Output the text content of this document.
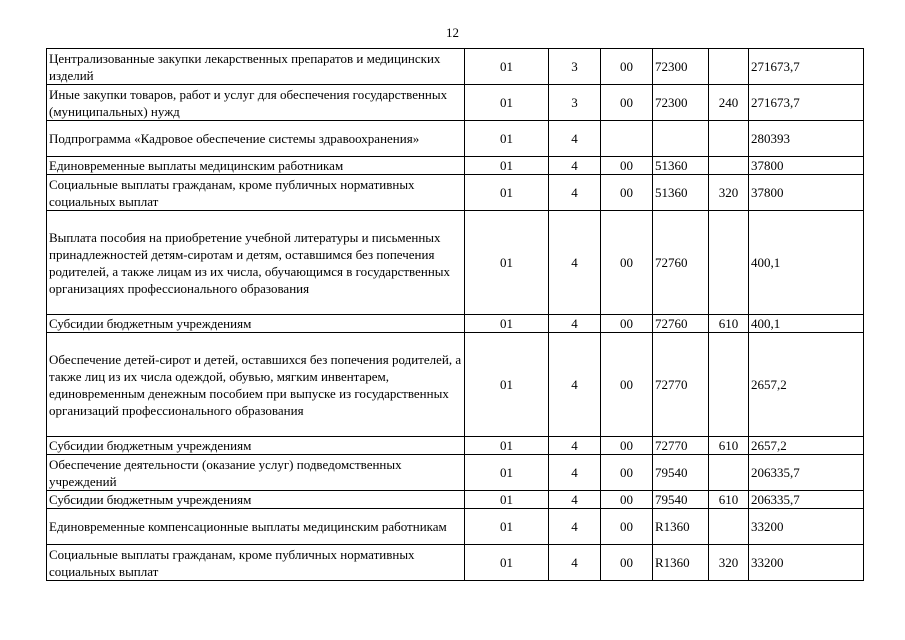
12
Централизованные закупки лекарственных препаратов и медицинских изделий	01	3	00	72300		271673,7
Иные закупки товаров, работ и услуг для обеспечения государственных (муниципальных) нужд	01	3	00	72300	240	271673,7
Подпрограмма «Кадровое обеспечение системы здравоохранения»	01	4				280393
Единовременные выплаты медицинским работникам	01	4	00	51360		37800
Социальные выплаты гражданам, кроме публичных нормативных социальных выплат	01	4	00	51360	320	37800
Выплата пособия на приобретение учебной литературы и письменных принадлежностей детям-сиротам и детям, оставшимся без попечения родителей, а также лицам из их числа, обучающимся в государственных организациях профессионального образования	01	4	00	72760		400,1
Субсидии бюджетным учреждениям	01	4	00	72760	610	400,1
Обеспечение детей-сирот и детей, оставшихся без попечения родителей, а также лиц из их числа одеждой, обувью, мягким инвентарем, единовременным денежным пособием при выпуске из государственных организаций профессионального образования	01	4	00	72770		2657,2
Субсидии бюджетным учреждениям	01	4	00	72770	610	2657,2
Обеспечение деятельности (оказание услуг) подведомственных учреждений	01	4	00	79540		206335,7
Субсидии бюджетным учреждениям	01	4	00	79540	610	206335,7
Единовременные компенсационные выплаты медицинским работникам	01	4	00	R1360		33200
Социальные выплаты гражданам, кроме публичных нормативных социальных выплат	01	4	00	R1360	320	33200
